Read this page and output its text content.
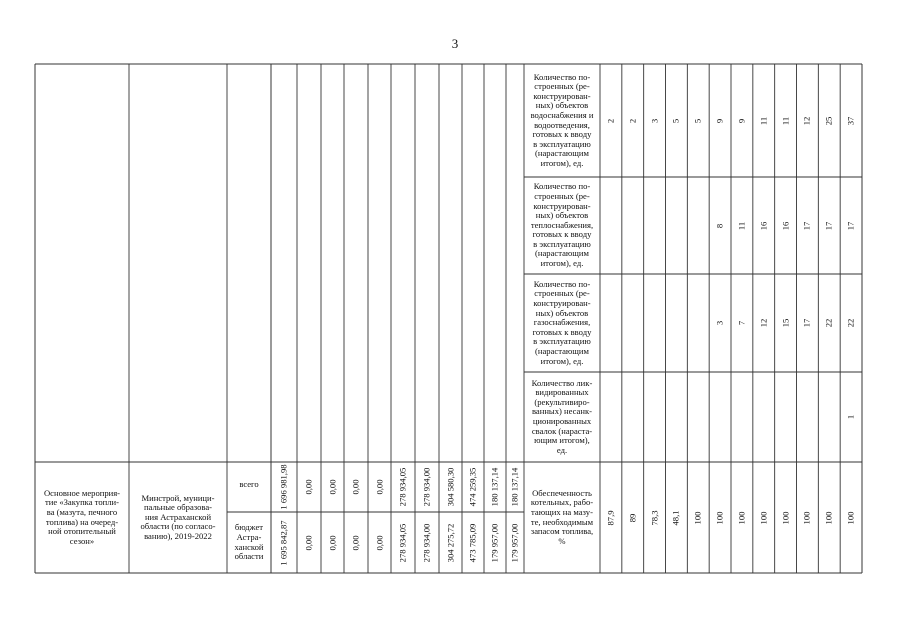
3
Основное мероприя-
тие «Закупка топли-
ва (мазута, печного
топлива) на очеред-
ной отопительный
сезон»
Минстрой, муници-
пальные образова-
ния Астраханской
области (по согласо-
ванию), 2019-2022
всего
бюджет
Астра-
ханской
области
1 696 981,98 0,00 0,00 0,00 0,00 278 934,05 278 934,00 304 580,30 474 259,35 180 137,14 180 137,14
1 695 842,87 0,00 0,00 0,00 0,00 278 934,05 278 934,00 304 275,72 473 785,09 179 957,00 179 957,00
Количество по-
строенных (ре-
конструирован-
ных) объектов
водоснабжения и
водоотведения,
готовых к вводу
в эксплуатацию
(нарастающим
итогом), ед.
2 2 3 5 5 9 9 11 11 12 25 37
Количество по-
строенных (ре-
конструирован-
ных) объектов
теплоснабжения,
готовых к вводу
в эксплуатацию
(нарастающим
итогом), ед.
8 11 16 16 17 17 17
Количество по-
строенных (ре-
конструирован-
ных) объектов
газоснабжения,
готовых к вводу
в эксплуатацию
(нарастающим
итогом), ед.
3 7 12 15 17 22 22
Количество лик-
видированных
(рекультивиро-
ванных) несанк-
ционированных
свалок (нараста-
ющим итогом),
ед.
1
Обеспеченность
котельных, рабо-
тающих на мазу-
те, необходимым
запасом топлива,
%
87,9 89 78,3 48,1 100 100 100 100 100 100 100 100
